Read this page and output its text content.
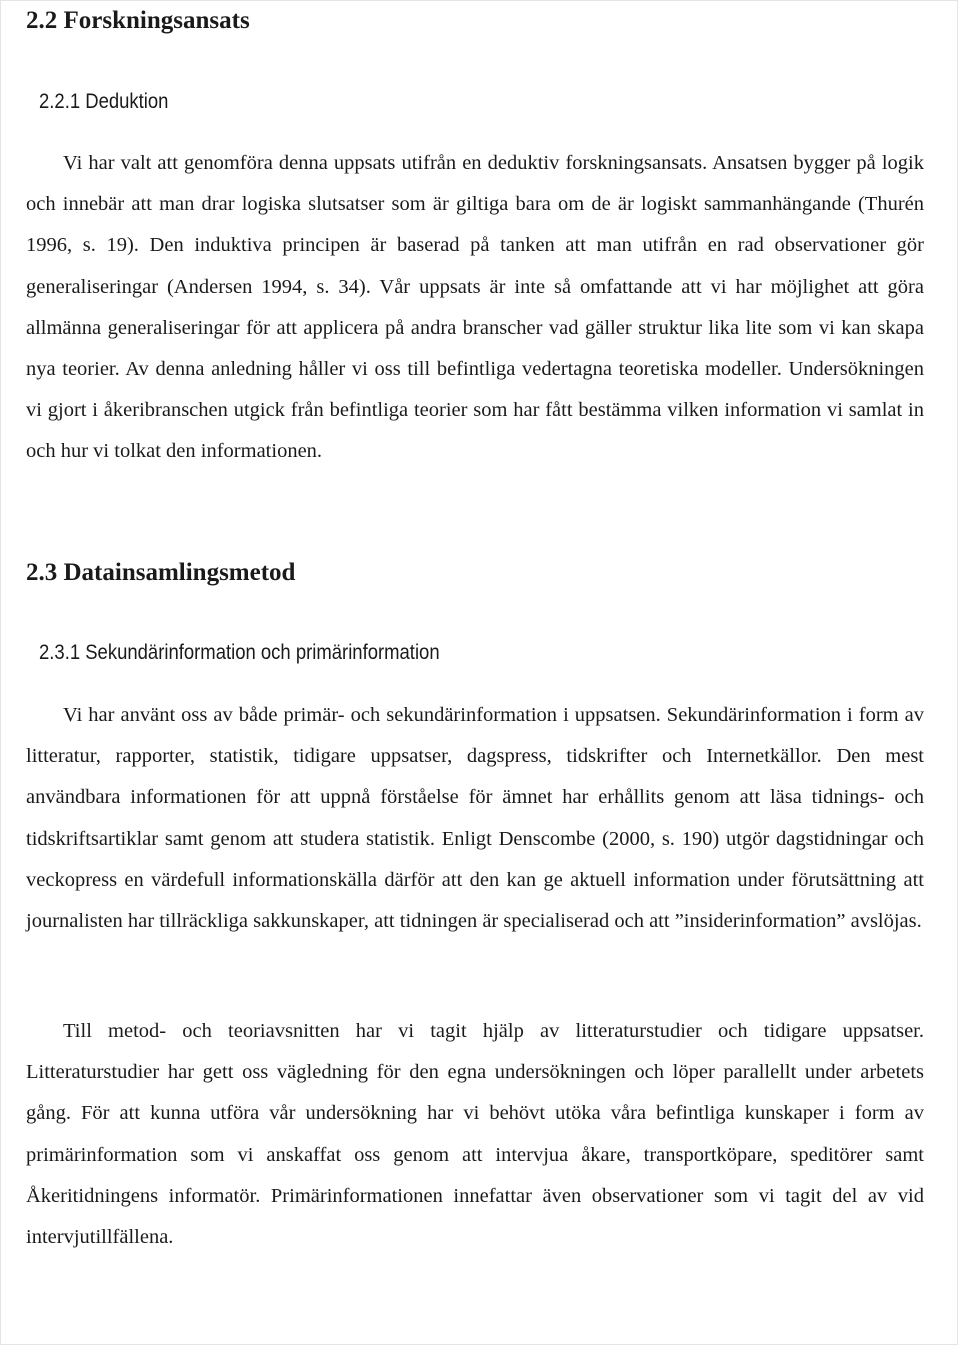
2.2 Forskningsansats
2.2.1 Deduktion

Vi har valt att genomföra denna uppsats utifrån en deduktiv forskningsansats. Ansatsen bygger på logik och innebär att man drar logiska slutsatser som är giltiga bara om de är logiskt sammanhängande (Thurén 1996, s. 19). Den induktiva principen är baserad på tanken att man utifrån en rad observationer gör generaliseringar (Andersen 1994, s. 34). Vår uppsats är inte så omfattande att vi har möjlighet att göra allmänna generaliseringar för att applicera på andra branscher vad gäller struktur lika lite som vi kan skapa nya teorier. Av denna anledning håller vi oss till befintliga vedertagna teoretiska modeller. Undersökningen vi gjort i åkeribranschen utgick från befintliga teorier som har fått bestämma vilken information vi samlat in och hur vi tolkat den informationen.

2.3 Datainsamlingsmetod
2.3.1 Sekundärinformation och primärinformation

Vi har använt oss av både primär- och sekundärinformation i uppsatsen. Sekundärinformation i form av litteratur, rapporter, statistik, tidigare uppsatser, dagspress, tidskrifter och Internetkällor. Den mest användbara informationen för att uppnå förståelse för ämnet har erhållits genom att läsa tidnings- och tidskriftsartiklar samt genom att studera statistik. Enligt Denscombe (2000, s. 190) utgör dagstidningar och veckopress en värdefull informationskälla därför att den kan ge aktuell information under förutsättning att journalisten har tillräckliga sakkunskaper, att tidningen är specialiserad och att ”insiderinformation” avslöjas.

Till metod- och teoriavsnitten har vi tagit hjälp av litteraturstudier och tidigare uppsatser. Litteraturstudier har gett oss vägledning för den egna undersökningen och löper parallellt under arbetets gång. För att kunna utföra vår undersökning har vi behövt utöka våra befintliga kunskaper i form av primärinformation som vi anskaffat oss genom att intervjua åkare, transportköpare, speditörer samt Åkeritidningens informatör. Primärinformationen innefattar även observationer som vi tagit del av vid intervjutillfällena.
